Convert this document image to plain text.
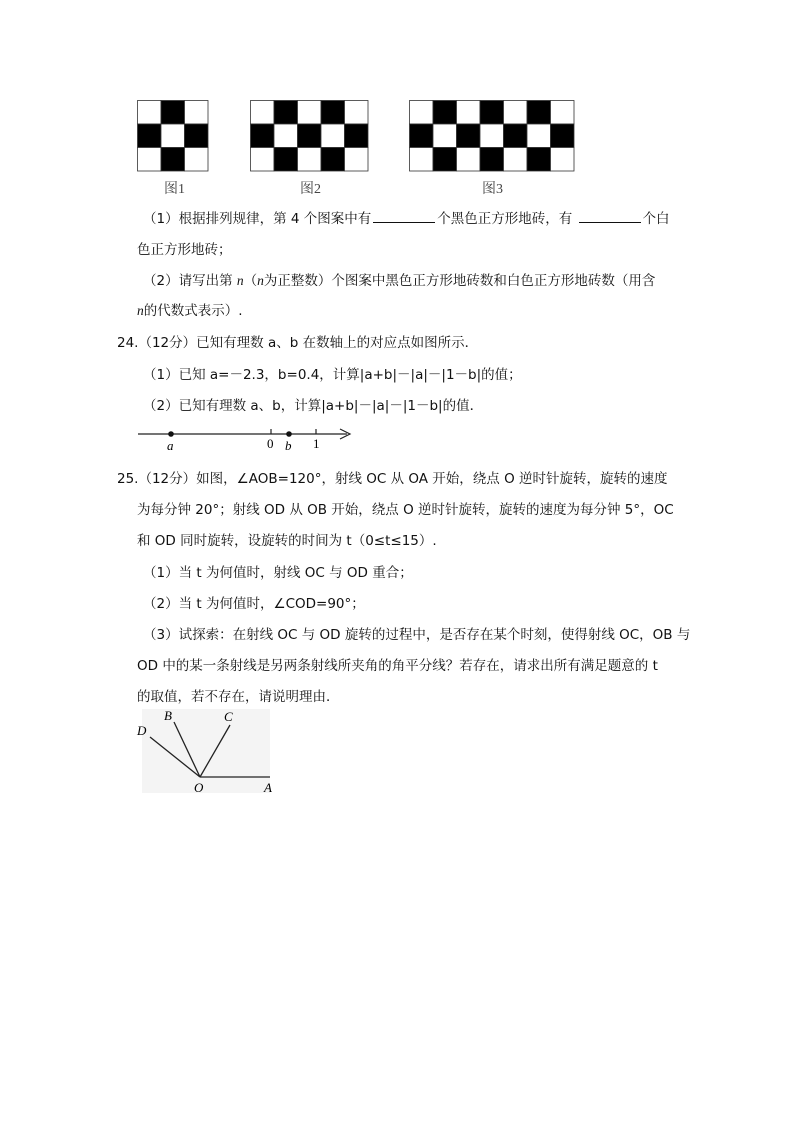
图1	图2	图3
（1）根据排列规律，第 4 个图案中有	个黑色正方形地砖，有	个白
色正方形地砖；
（2）请写出第 n（n为正整数）个图案中黑色正方形地砖数和白色正方形地砖数（用含
n的代数式表示）.
24.（12分）已知有理数 a、b 在数轴上的对应点如图所示．
（1）已知 a=－2.3，b=0.4，计算|a+b|－|a|－|1－b|的值；
（2）已知有理数 a、b，计算|a+b|－|a|－|1－b|的值．
a	0 b 1
25.（12分）如图，∠AOB=120°，射线 OC 从 OA 开始，绕点 O 逆时针旋转，旋转的速度
为每分钟 20°；射线 OD 从 OB 开始，绕点 O 逆时针旋转，旋转的速度为每分钟 5°，OC
和 OD 同时旋转，设旋转的时间为 t（0≤t≤15）.
（1）当 t 为何值时，射线 OC 与 OD 重合；
（2）当 t 为何值时，∠COD=90°；
（3）试探索：在射线 OC 与 OD 旋转的过程中，是否存在某个时刻，使得射线 OC，OB 与
OD 中的某一条射线是另两条射线所夹角的角平分线？若存在，请求出所有满足题意的 t
的取值，若不存在，请说明理由．
D
B	C
O	A
